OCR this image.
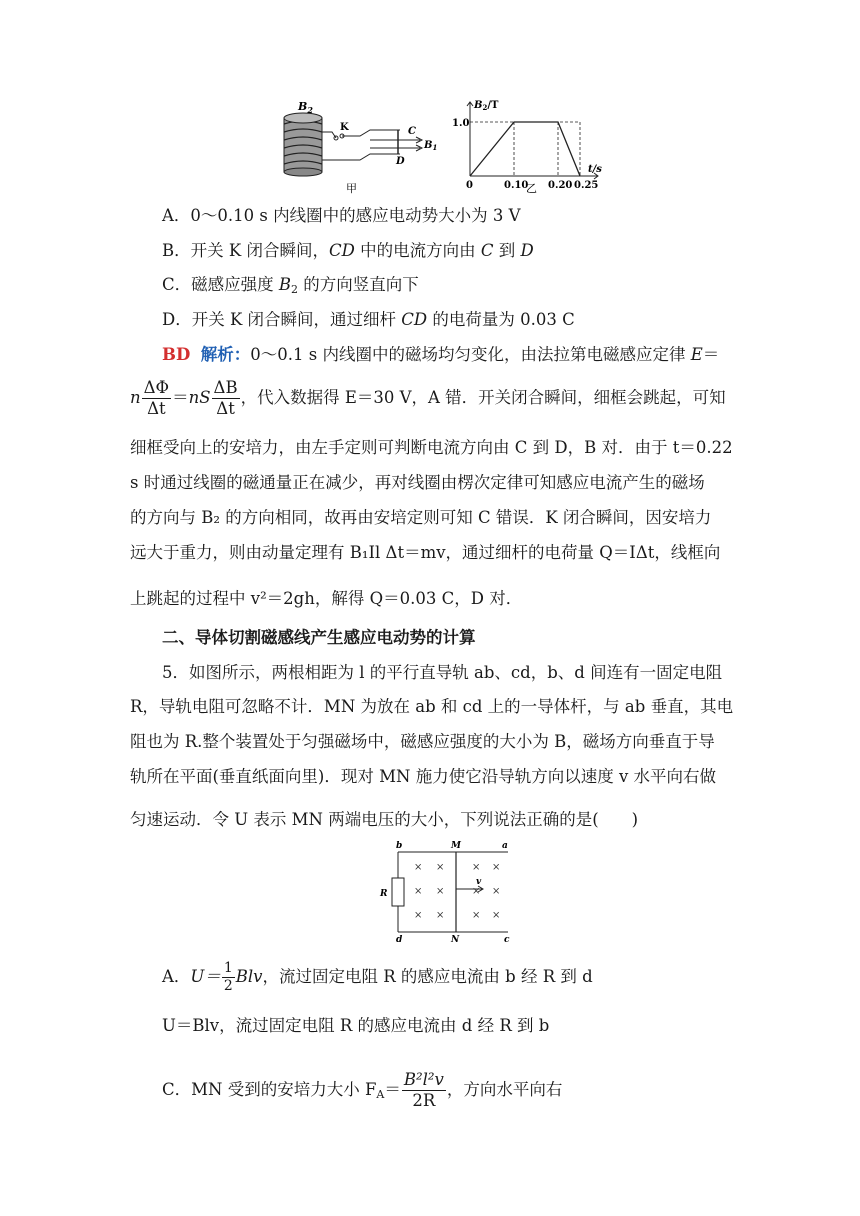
$B_2$
K	C
D
$B_1$
甲
$B_2/T$
1.0
0	0.10 0.20 0.25
t/s
乙
A．0～0.10 s 内线圈中的感应电动势大小为 3 V
B．开关 K 闭合瞬间，CD 中的电流方向由 C 到 D
C．磁感应强度 $B_2$ 的方向竖直向下
D．开关 K 闭合瞬间，通过细杆 CD 的电荷量为 0.03 C
BD 解析：0～0.1 s 内线圈中的磁场均匀变化，由法拉第电磁感应定律 E＝
n $\frac{\Delta\Phi}{\Delta t} =nS \frac{\Delta B}{\Delta t}$ ，代入数据得 E＝30 V，A 错．开关闭合瞬间，细框会跳起，可知
细框受向上的安培力，由左手定则可判断电流方向由 C 到 D，B 对．由于 t＝0.22
s 时通过线圈的磁通量正在减少，再对线圈由楞次定律可知感应电流产生的磁场
的方向与 B₂ 的方向相同，故再由安培定则可知 C 错误．K 闭合瞬间，因安培力
远大于重力，则由动量定理有 B₁Il Δt＝mv，通过细杆的电荷量 Q＝IΔt，线框向
上跳起的过程中 v²＝2gh，解得 Q＝0.03 C，D 对．
二、导体切割磁感线产生感应电动势的计算
5．如图所示，两根相距为 l 的平行直导轨 ab、cd，b、d 间连有一固定电阻
R，导轨电阻可忽略不计．MN 为放在 ab 和 cd 上的一导体杆，与 ab 垂直，其电
阻也为 R.整个装置处于匀强磁场中，磁感应强度的大小为 B，磁场方向垂直于导
轨所在平面(垂直纸面向里)．现对 MN 施力使它沿导轨方向以速度 v 水平向右做
匀速运动．令 U 表示 MN 两端电压的大小，下列说法正确的是(　　)
× ×	× ×
× ×	× ×
× ×	× ×
b	M	a
R
v
d	N	c
A．$U= \frac{1}{2}$ Blv，流过固定电阻 R 的感应电流由 b 经 R 到 d
U＝Blv，流过固定电阻 R 的感应电流由 d 经 R 到 b
C．MN 受到的安培力大小 $F_A= \frac{\text{B²l²v}}{2R}$ ，方向水平向右
